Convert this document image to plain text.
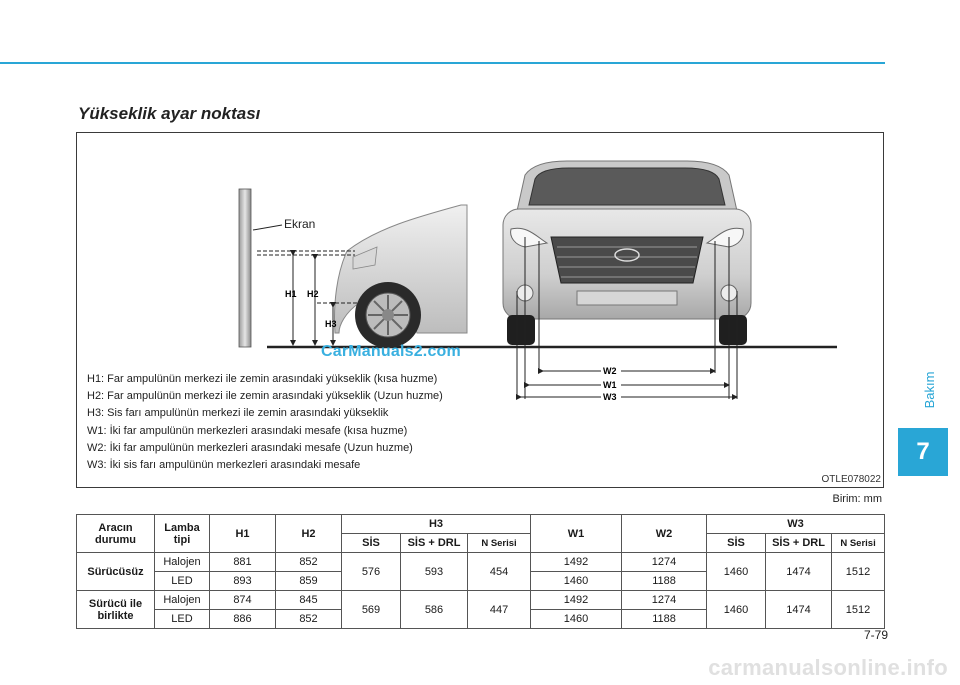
Yükseklik ayar noktası
Bakım
7
H1 H2
H3
W2
W1
W3
Ekran
CarManuals2.com
H1: Far ampulünün merkezi ile zemin arasındaki yükseklik (kısa huzme)
H2: Far ampulünün merkezi ile zemin arasındaki yükseklik (Uzun huzme)
H3: Sis farı ampulünün merkezi ile zemin arasındaki yükseklik
W1: İki far ampulünün merkezleri arasındaki mesafe (kısa huzme)
W2: İki far ampulünün merkezleri arasındaki mesafe (Uzun huzme)
W3: İki sis farı ampulünün merkezleri arasındaki mesafe
OTLE078022
Birim: mm
Aracın durumu	Lamba tipi	H1	H2	H3			W1	W2	W3		
				SİS	SİS + DRL	N Serisi			SİS	SİS + DRL	N Serisi
Sürücüsüz	Halojen	881	852	576	593	454	1492	1274	1460	1474	1512
	LED	893	859				1460	1188			
Sürücü ile birlikte	Halojen	874	845	569	586	447	1492	1274	1460	1474	1512
	LED	886	852				1460	1188			
7-79
carmanualsonline.info
